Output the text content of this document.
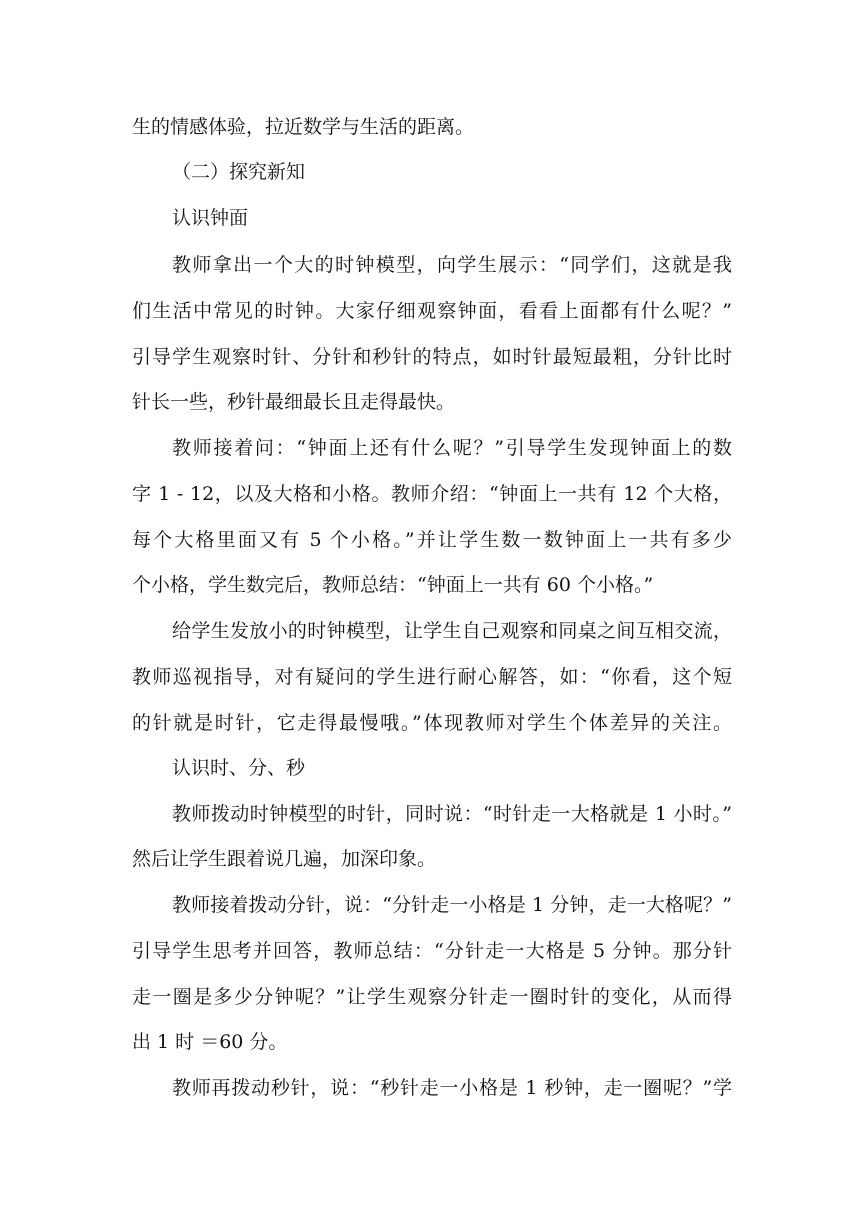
生的情感体验，拉近数学与生活的距离。
（二）探究新知
认识钟面
教师拿出一个大的时钟模型，向学生展示：“同学们，这就是我
们生活中常见的时钟。大家仔细观察钟面，看看上面都有什么呢？”
引导学生观察时针、分针和秒针的特点，如时针最短最粗，分针比时
针长一些，秒针最细最长且走得最快。
教师接着问：“钟面上还有什么呢？”引导学生发现钟面上的数
字 1 - 12，以及大格和小格。教师介绍：“钟面上一共有 12 个大格，
每个大格里面又有 5 个小格。”并让学生数一数钟面上一共有多少
个小格，学生数完后，教师总结：“钟面上一共有 60 个小格。”
给学生发放小的时钟模型，让学生自己观察和同桌之间互相交流，
教师巡视指导，对有疑问的学生进行耐心解答，如：“你看，这个短
的针就是时针，它走得最慢哦。”体现教师对学生个体差异的关注。
认识时、分、秒
教师拨动时钟模型的时针，同时说：“时针走一大格就是 1 小时。”
然后让学生跟着说几遍，加深印象。
教师接着拨动分针，说：“分针走一小格是 1 分钟，走一大格呢？”
引导学生思考并回答，教师总结：“分针走一大格是 5 分钟。那分针
走一圈是多少分钟呢？”让学生观察分针走一圈时针的变化，从而得
出 1 时 ＝60 分。
教师再拨动秒针，说：“秒针走一小格是 1 秒钟，走一圈呢？”学
